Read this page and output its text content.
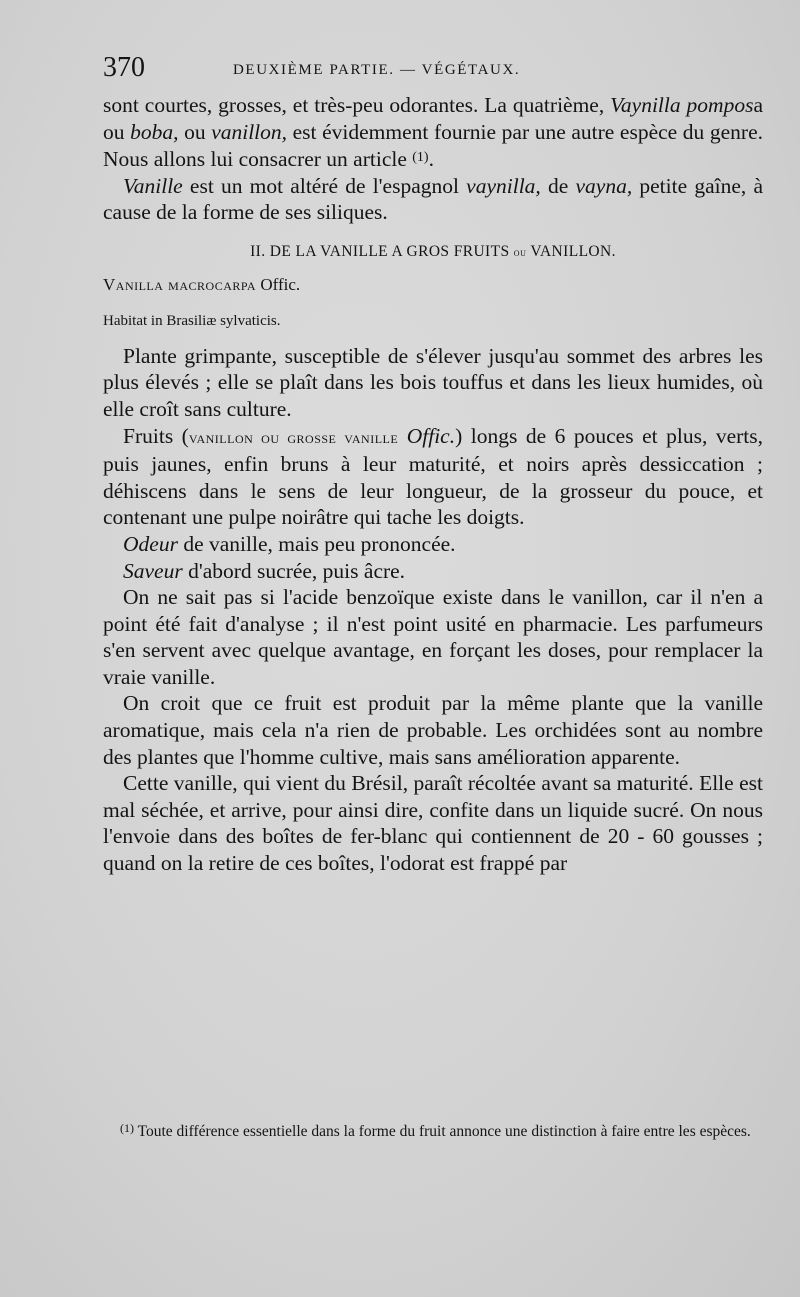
370	DEUXIÈME PARTIE. — VÉGÉTAUX.

sont courtes, grosses, et très-peu odorantes. La quatrième, Vaynilla pomposa ou boba, ou vanillon, est évidemment fournie par une autre espèce du genre. Nous allons lui consacrer un article $^{(1)}$.

Vanille est un mot altéré de l'espagnol vaynilla, de vayna, petite gaîne, à cause de la forme de ses siliques.

II. DE LA VANILLE A GROS FRUITS ou VANILLON.

Vanilla macrocarpa Offic.

Habitat in Brasiliæ sylvaticis.

Plante grimpante, susceptible de s'élever jusqu'au sommet des arbres les plus élevés ; elle se plaît dans les bois touffus et dans les lieux humides, où elle croît sans culture.

Fruits (vanillon ou grosse vanille Offic.) longs de 6 pouces et plus, verts, puis jaunes, enfin bruns à leur maturité, et noirs après dessiccation ; déhiscens dans le sens de leur longueur, de la grosseur du pouce, et contenant une pulpe noirâtre qui tache les doigts.

Odeur de vanille, mais peu prononcée.

Saveur d'abord sucrée, puis âcre.

On ne sait pas si l'acide benzoïque existe dans le vanillon, car il n'en a point été fait d'analyse ; il n'est point usité en pharmacie. Les parfumeurs s'en servent avec quelque avantage, en forçant les doses, pour remplacer la vraie vanille.

On croit que ce fruit est produit par la même plante que la vanille aromatique, mais cela n'a rien de probable. Les orchidées sont au nombre des plantes que l'homme cultive, mais sans amélioration apparente.

Cette vanille, qui vient du Brésil, paraît récoltée avant sa maturité. Elle est mal séchée, et arrive, pour ainsi dire, confite dans un liquide sucré. On nous l'envoie dans des boîtes de fer-blanc qui contiennent de 20 - 60 gousses ; quand on la retire de ces boîtes, l'odorat est frappé par

$^{(1)}$ Toute différence essentielle dans la forme du fruit annonce une distinction à faire entre les espèces.
